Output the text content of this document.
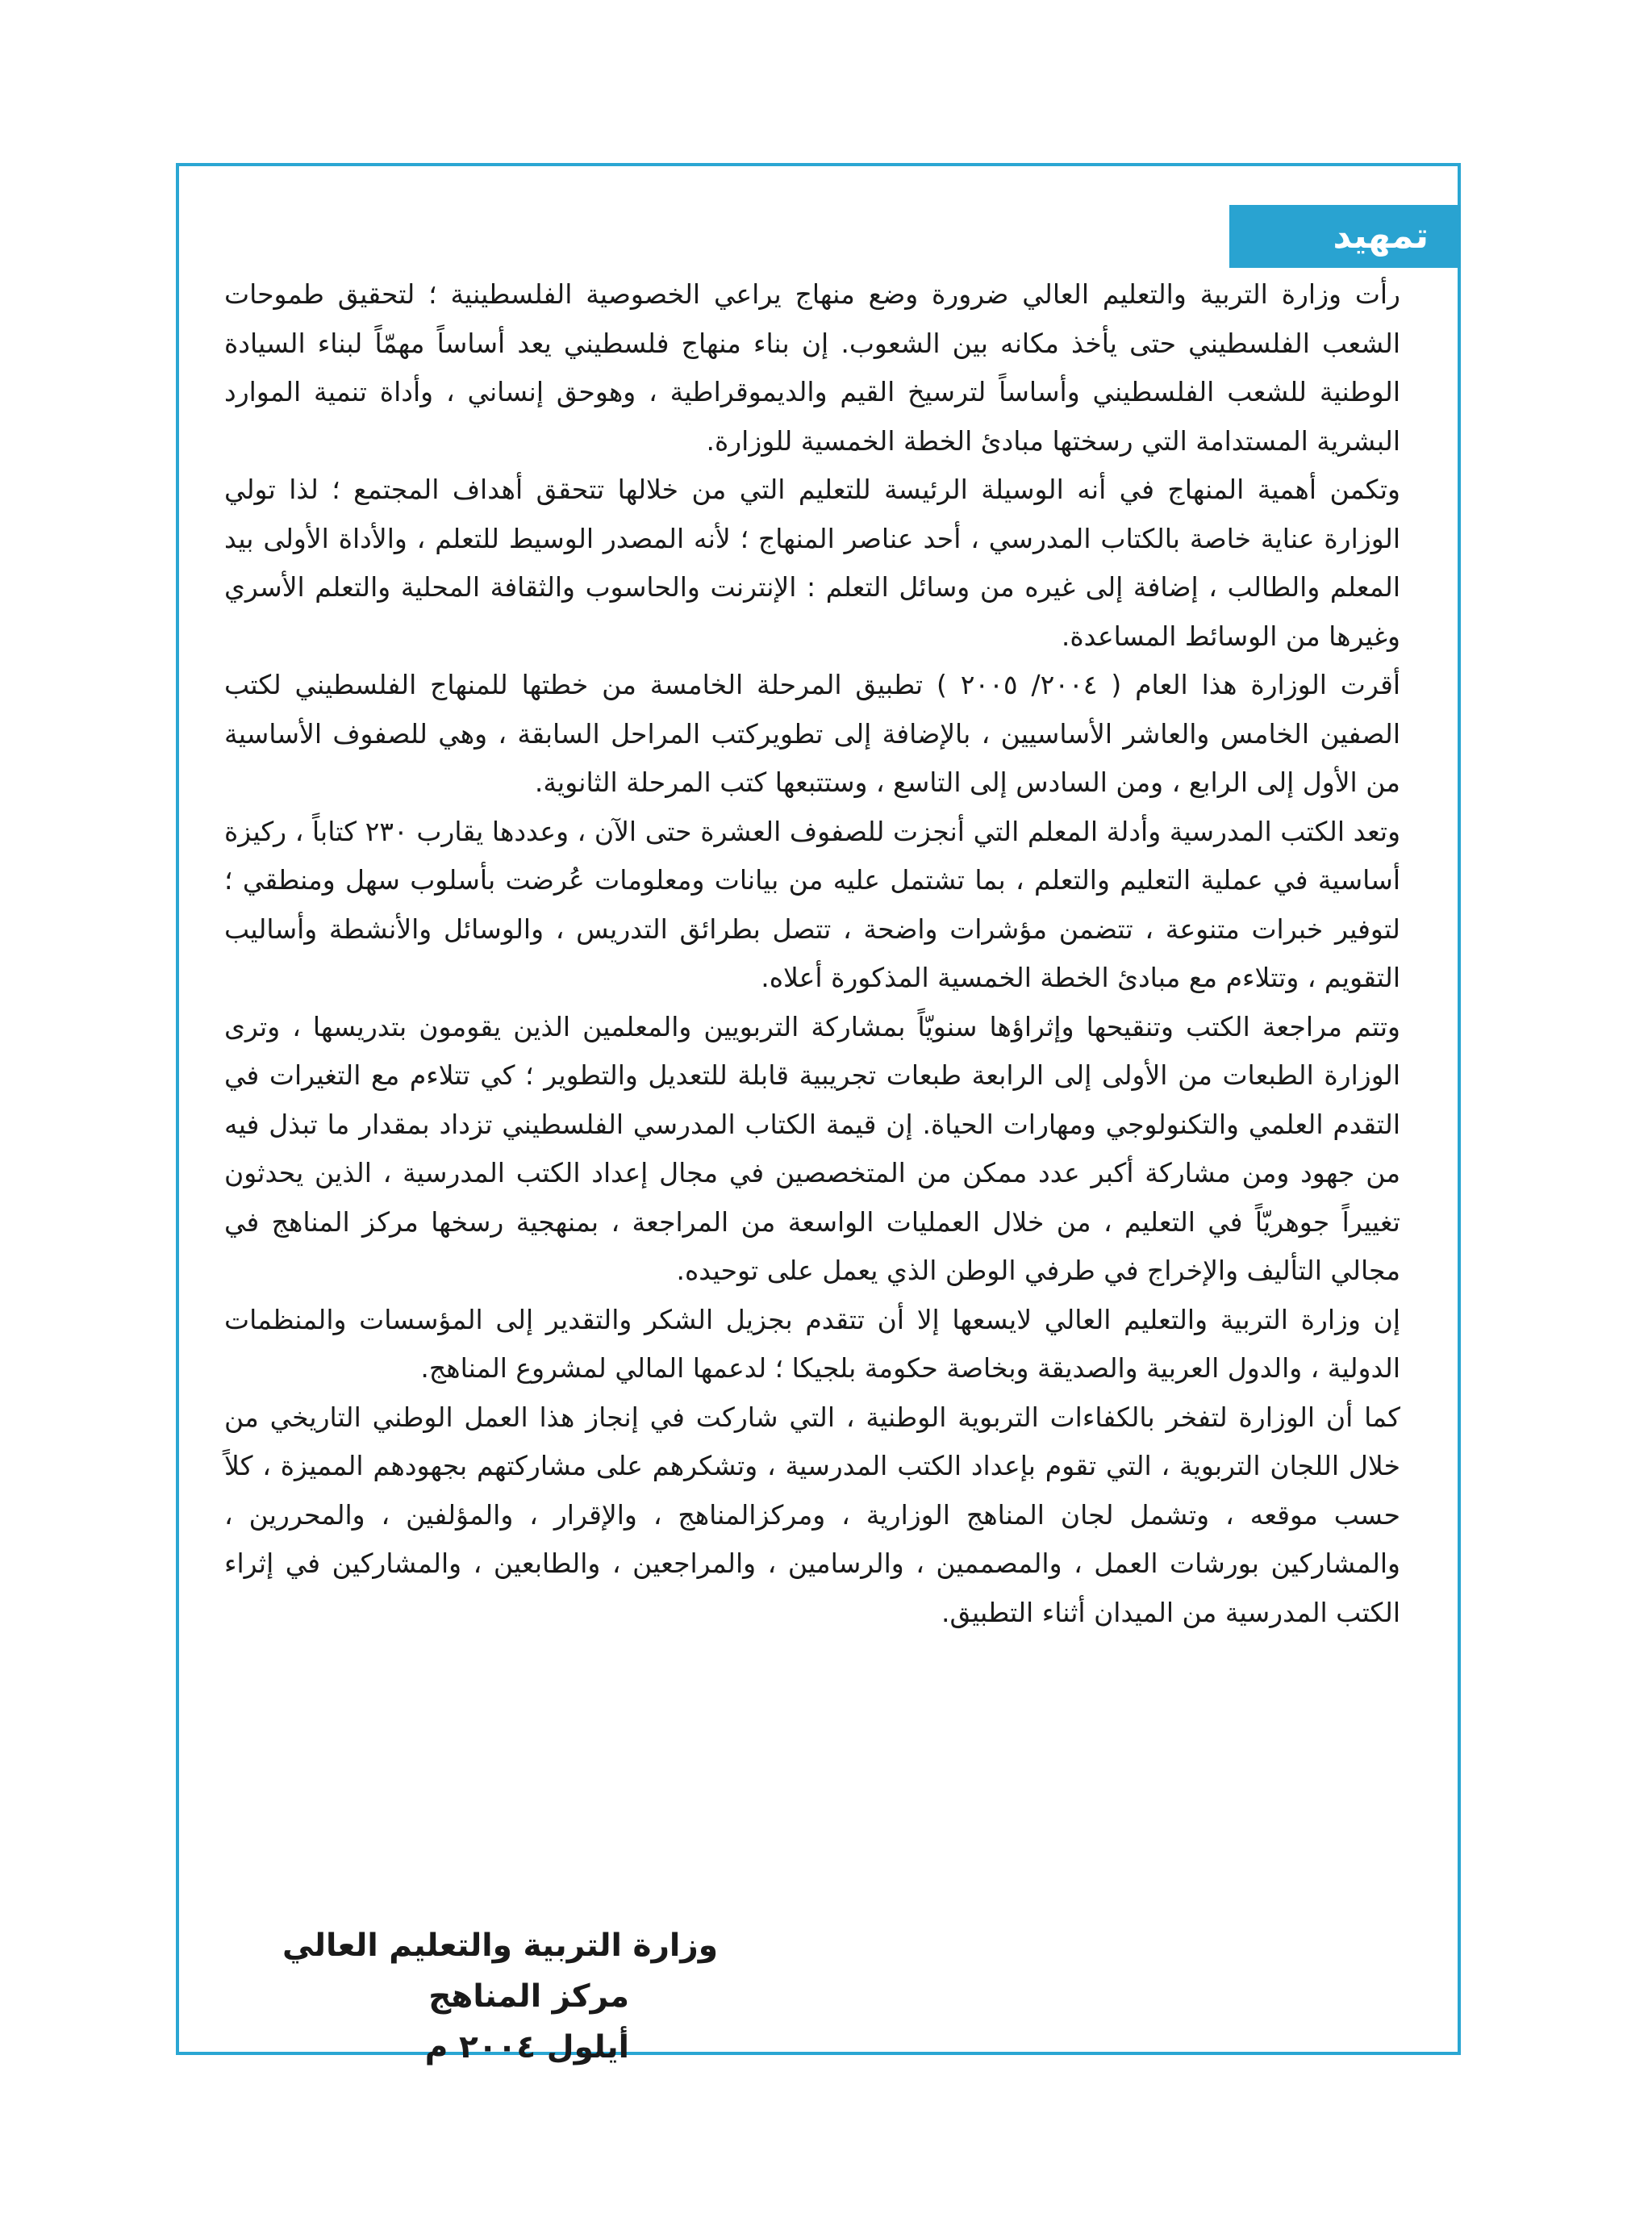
تمهيد

رأت وزارة التربية والتعليم العالي ضرورة وضع منهاج يراعي الخصوصية الفلسطينية ؛ لتحقيق طموحات الشعب الفلسطيني حتى يأخذ مكانه بين الشعوب. إن بناء منهاج فلسطيني يعد أساساً مهمّاً لبناء السيادة الوطنية للشعب الفلسطيني وأساساً لترسيخ القيم والديموقراطية ، وهوحق إنساني ، وأداة تنمية الموارد البشرية المستدامة التي رسختها مبادئ الخطة الخمسية للوزارة.

وتكمن أهمية المنهاج في أنه الوسيلة الرئيسة للتعليم التي من خلالها تتحقق أهداف المجتمع ؛ لذا تولي الوزارة عناية خاصة بالكتاب المدرسي ، أحد عناصر المنهاج ؛ لأنه المصدر الوسيط للتعلم ، والأداة الأولى بيد المعلم والطالب ، إضافة إلى غيره من وسائل التعلم : الإنترنت والحاسوب والثقافة المحلية والتعلم الأسري وغيرها من الوسائط المساعدة.

أقرت الوزارة هذا العام ( ٢٠٠٤/ ٢٠٠٥ ) تطبيق المرحلة الخامسة من خطتها للمنهاج الفلسطيني لكتب الصفين الخامس والعاشر الأساسيين ، بالإضافة إلى تطويركتب المراحل السابقة ، وهي للصفوف الأساسية من الأول إلى الرابع ، ومن السادس إلى التاسع ، وستتبعها كتب المرحلة الثانوية.

وتعد الكتب المدرسية وأدلة المعلم التي أنجزت للصفوف العشرة حتى الآن ، وعددها يقارب ٢٣٠ كتاباً ، ركيزة أساسية في عملية التعليم والتعلم ، بما تشتمل عليه من بيانات ومعلومات عُرضت بأسلوب سهل ومنطقي ؛ لتوفير خبرات متنوعة ، تتضمن مؤشرات واضحة ، تتصل بطرائق التدريس ، والوسائل والأنشطة وأساليب التقويم ، وتتلاءم مع مبادئ الخطة الخمسية المذكورة أعلاه.

وتتم مراجعة الكتب وتنقيحها وإثراؤها سنويّاً بمشاركة التربويين والمعلمين الذين يقومون بتدريسها ، وترى الوزارة الطبعات من الأولى إلى الرابعة طبعات تجريبية قابلة للتعديل والتطوير ؛ كي تتلاءم مع التغيرات في التقدم العلمي والتكنولوجي ومهارات الحياة. إن قيمة الكتاب المدرسي الفلسطيني تزداد بمقدار ما تبذل فيه من جهود ومن مشاركة أكبر عدد ممكن من المتخصصين في مجال إعداد الكتب المدرسية ، الذين يحدثون تغييراً جوهريّاً في التعليم ، من خلال العمليات الواسعة من المراجعة ، بمنهجية رسخها مركز المناهج في مجالي التأليف والإخراج في طرفي الوطن الذي يعمل على توحيده.

إن وزارة التربية والتعليم العالي لايسعها إلا أن تتقدم بجزيل الشكر والتقدير إلى المؤسسات والمنظمات الدولية ، والدول العربية والصديقة وبخاصة حكومة بلجيكا ؛ لدعمها المالي لمشروع المناهج.

كما أن الوزارة لتفخر بالكفاءات التربوية الوطنية ، التي شاركت في إنجاز هذا العمل الوطني التاريخي من خلال اللجان التربوية ، التي تقوم بإعداد الكتب المدرسية ، وتشكرهم على مشاركتهم بجهودهم المميزة ، كلاً حسب موقعه ، وتشمل لجان المناهج الوزارية ، ومركزالمناهج ، والإقرار ، والمؤلفين ، والمحررين ، والمشاركين بورشات العمل ، والمصممين ، والرسامين ، والمراجعين ، والطابعين ، والمشاركين في إثراء الكتب المدرسية من الميدان أثناء التطبيق.

وزارة التربية والتعليم العالي
مركز المناهج
أيلول ٢٠٠٤ م
